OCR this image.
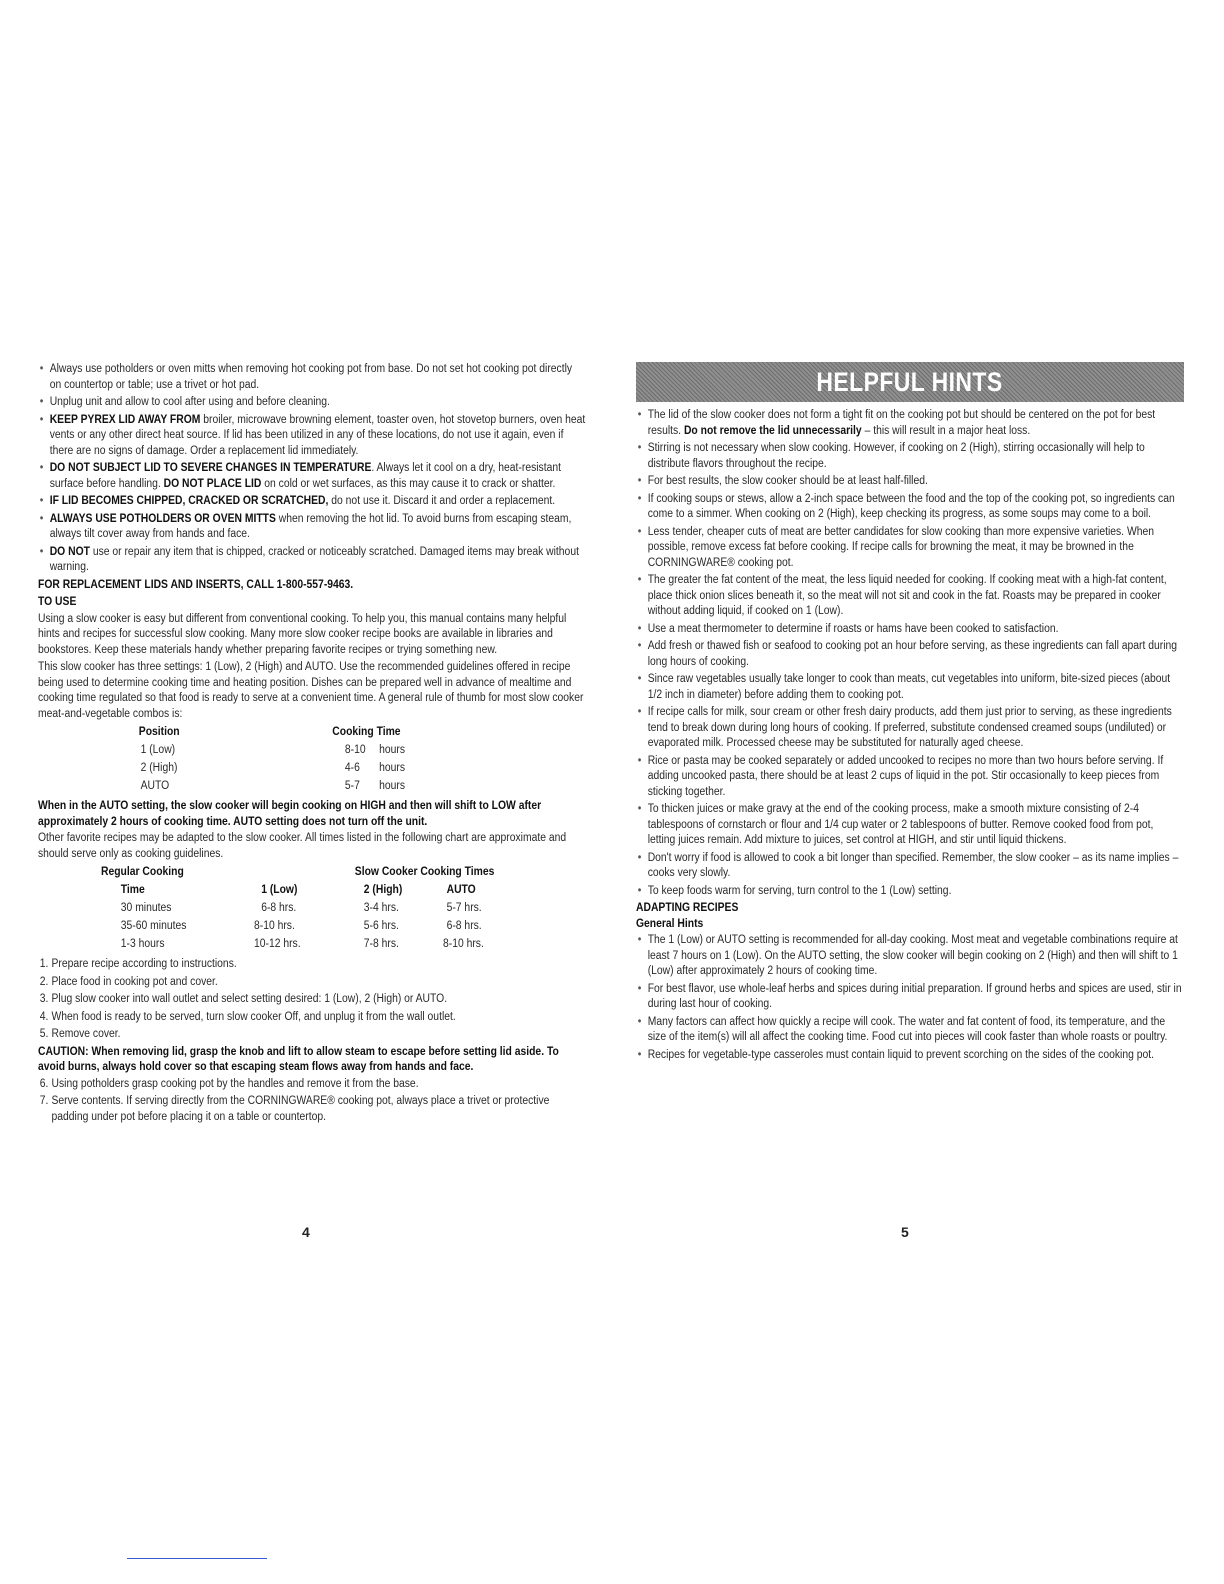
• Always use potholders or oven mitts when removing hot cooking pot from base. Do not set hot cooking pot directly on countertop or table; use a trivet or hot pad.
• Unplug unit and allow to cool after using and before cleaning.
• KEEP PYREX LID AWAY FROM broiler, microwave browning element, toaster oven, hot stovetop burners, oven heat vents or any other direct heat source. If lid has been utilized in any of these locations, do not use it again, even if there are no signs of damage. Order a replacement lid immediately.
• DO NOT SUBJECT LID TO SEVERE CHANGES IN TEMPERATURE. Always let it cool on a dry, heat-resistant surface before handling. DO NOT PLACE LID on cold or wet surfaces, as this may cause it to crack or shatter.
• IF LID BECOMES CHIPPED, CRACKED OR SCRATCHED, do not use it. Discard it and order a replacement.
• ALWAYS USE POTHOLDERS OR OVEN MITTS when removing the hot lid. To avoid burns from escaping steam, always tilt cover away from hands and face.
• DO NOT use or repair any item that is chipped, cracked or noticeably scratched. Damaged items may break without warning.
FOR REPLACEMENT LIDS AND INSERTS, CALL 1-800-557-9463.
TO USE

Using a slow cooker is easy but different from conventional cooking. To help you, this manual contains many helpful hints and recipes for successful slow cooking. Many more slow cooker recipe books are available in libraries and bookstores. Keep these materials handy whether preparing favorite recipes or trying something new.

This slow cooker has three settings: 1 (Low), 2 (High) and AUTO. Use the recommended guidelines offered in recipe being used to determine cooking time and heating position. Dishes can be prepared well in advance of mealtime and cooking time regulated so that food is ready to serve at a convenient time. A general rule of thumb for most slow cooker meat-and-vegetable combos is:

Position	Cooking Time	
1 (Low)	8-10	hours
2 (High)	4-6	hours
AUTO	5-7	hours
When in the AUTO setting, the slow cooker will begin cooking on HIGH and then will shift to LOW after approximately 2 hours of cooking time. AUTO setting does not turn off the unit.

Other favorite recipes may be adapted to the slow cooker. All times listed in the following chart are approximate and should serve only as cooking guidelines.

Regular Cooking		Slow Cooker Cooking Times	
Time	1 (Low)	2 (High)	AUTO
30 minutes	6-8 hrs.	3-4 hrs.	5-7 hrs.
35-60 minutes	8-10 hrs.	5-6 hrs.	6-8 hrs.
1-3 hours	10-12 hrs.	7-8 hrs.	8-10 hrs.
1. Prepare recipe according to instructions.
2. Place food in cooking pot and cover.
3. Plug slow cooker into wall outlet and select setting desired: 1 (Low), 2 (High) or AUTO.
4. When food is ready to be served, turn slow cooker Off, and unplug it from the wall outlet.
5. Remove cover.
CAUTION: When removing lid, grasp the knob and lift to allow steam to escape before setting lid aside. To avoid burns, always hold cover so that escaping steam flows away from hands and face.
6. Using potholders grasp cooking pot by the handles and remove it from the base.
7. Serve contents. If serving directly from the CORNINGWARE® cooking pot, always place a trivet or protective padding under pot before placing it on a table or countertop.
HELPFUL HINTS
• The lid of the slow cooker does not form a tight fit on the cooking pot but should be centered on the pot for best results. Do not remove the lid unnecessarily – this will result in a major heat loss.
• Stirring is not necessary when slow cooking. However, if cooking on 2 (High), stirring occasionally will help to distribute flavors throughout the recipe.
• For best results, the slow cooker should be at least half-filled.
• If cooking soups or stews, allow a 2-inch space between the food and the top of the cooking pot, so ingredients can come to a simmer. When cooking on 2 (High), keep checking its progress, as some soups may come to a boil.
• Less tender, cheaper cuts of meat are better candidates for slow cooking than more expensive varieties. When possible, remove excess fat before cooking. If recipe calls for browning the meat, it may be browned in the CORNINGWARE® cooking pot.
• The greater the fat content of the meat, the less liquid needed for cooking. If cooking meat with a high-fat content, place thick onion slices beneath it, so the meat will not sit and cook in the fat. Roasts may be prepared in cooker without adding liquid, if cooked on 1 (Low).
• Use a meat thermometer to determine if roasts or hams have been cooked to satisfaction.
• Add fresh or thawed fish or seafood to cooking pot an hour before serving, as these ingredients can fall apart during long hours of cooking.
• Since raw vegetables usually take longer to cook than meats, cut vegetables into uniform, bite-sized pieces (about 1/2 inch in diameter) before adding them to cooking pot.
• If recipe calls for milk, sour cream or other fresh dairy products, add them just prior to serving, as these ingredients tend to break down during long hours of cooking. If preferred, substitute condensed creamed soups (undiluted) or evaporated milk. Processed cheese may be substituted for naturally aged cheese.
• Rice or pasta may be cooked separately or added uncooked to recipes no more than two hours before serving. If adding uncooked pasta, there should be at least 2 cups of liquid in the pot. Stir occasionally to keep pieces from sticking together.
• To thicken juices or make gravy at the end of the cooking process, make a smooth mixture consisting of 2-4 tablespoons of cornstarch or flour and 1/4 cup water or 2 tablespoons of butter. Remove cooked food from pot, letting juices remain. Add mixture to juices, set control at HIGH, and stir until liquid thickens.
• Don't worry if food is allowed to cook a bit longer than specified. Remember, the slow cooker – as its name implies – cooks very slowly.
• To keep foods warm for serving, turn control to the 1 (Low) setting.
ADAPTING RECIPES
General Hints
• The 1 (Low) or AUTO setting is recommended for all-day cooking. Most meat and vegetable combinations require at least 7 hours on 1 (Low). On the AUTO setting, the slow cooker will begin cooking on 2 (High) and then will shift to 1 (Low) after approximately 2 hours of cooking time.
• For best flavor, use whole-leaf herbs and spices during initial preparation. If ground herbs and spices are used, stir in during last hour of cooking.
• Many factors can affect how quickly a recipe will cook. The water and fat content of food, its temperature, and the size of the item(s) will all affect the cooking time. Food cut into pieces will cook faster than whole roasts or poultry.
• Recipes for vegetable-type casseroles must contain liquid to prevent scorching on the sides of the cooking pot.
4	5
